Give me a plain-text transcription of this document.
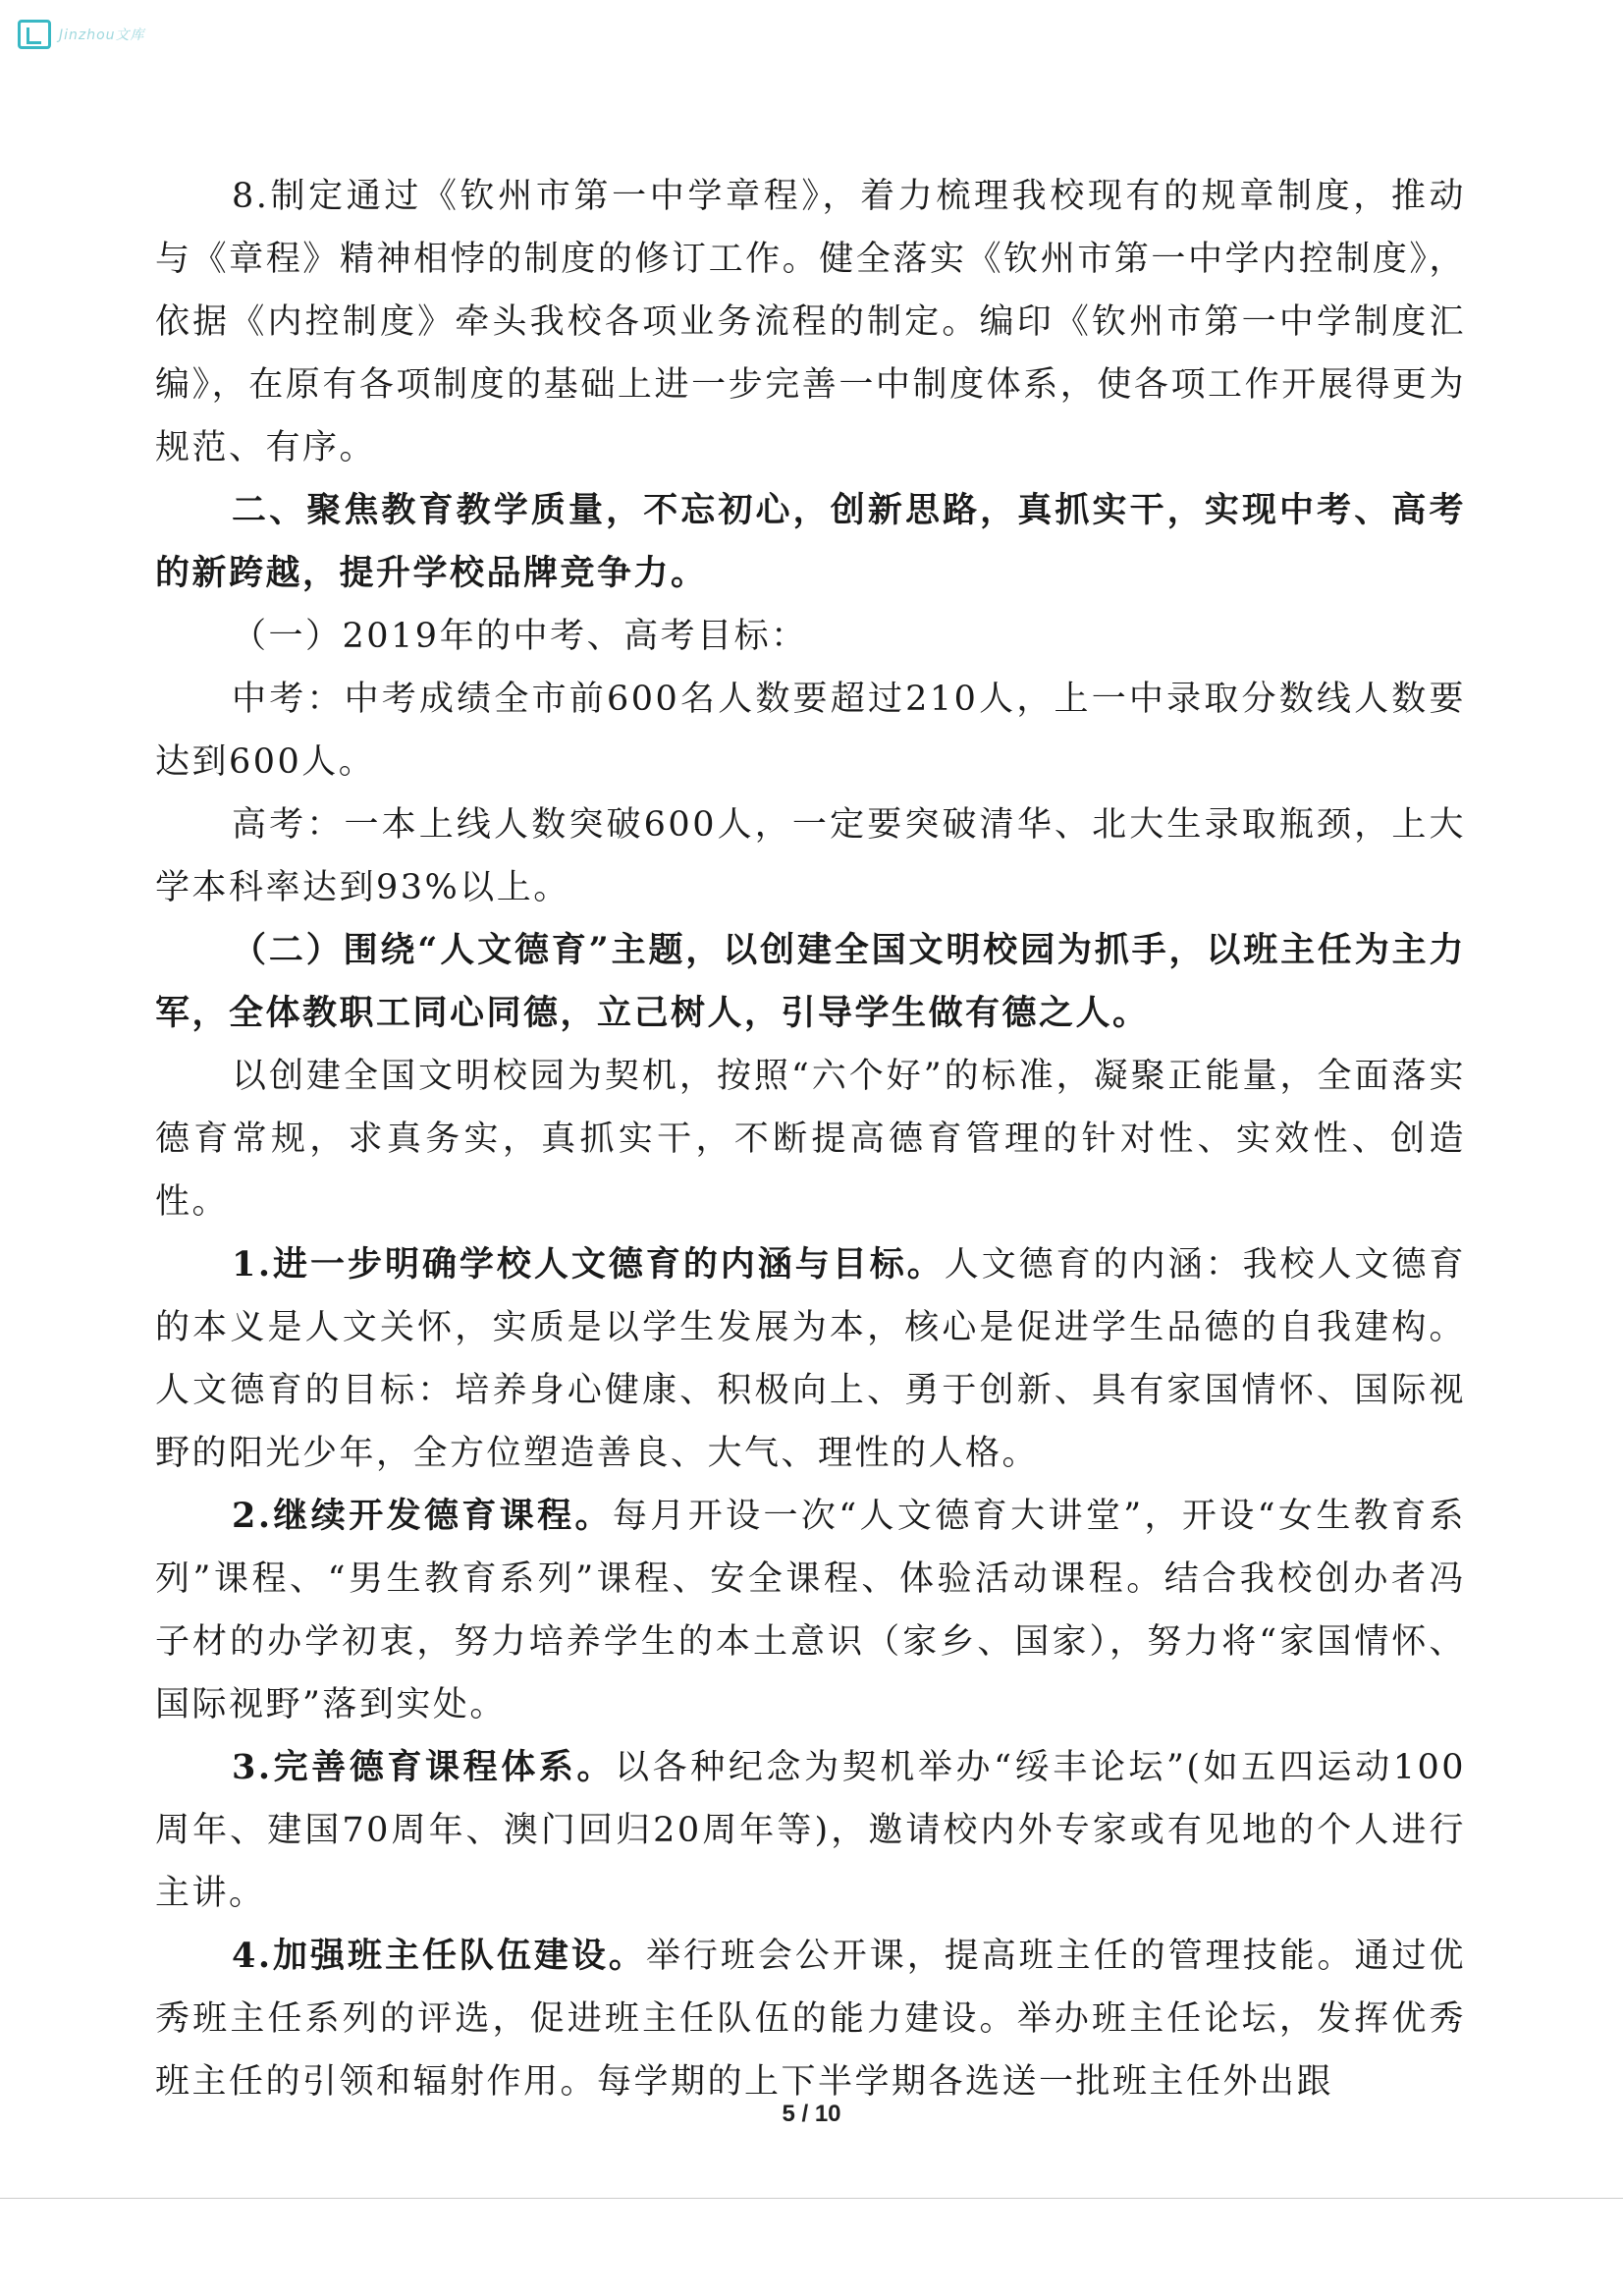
Jinzhou文库

8.制定通过《钦州市第一中学章程》，着力梳理我校现有的规章制度，推动与《章程》精神相悖的制度的修订工作。健全落实《钦州市第一中学内控制度》，依据《内控制度》牵头我校各项业务流程的制定。编印《钦州市第一中学制度汇编》，在原有各项制度的基础上进一步完善一中制度体系，使各项工作开展得更为规范、有序。

二、聚焦教育教学质量，不忘初心，创新思路，真抓实干，实现中考、高考的新跨越，提升学校品牌竞争力。

（一）2019年的中考、高考目标：

中考：中考成绩全市前600名人数要超过210人，上一中录取分数线人数要达到600人。

高考：一本上线人数突破600人，一定要突破清华、北大生录取瓶颈，上大学本科率达到93%以上。

（二）围绕“人文德育”主题，以创建全国文明校园为抓手，以班主任为主力军，全体教职工同心同德，立己树人，引导学生做有德之人。

以创建全国文明校园为契机，按照“六个好”的标准，凝聚正能量，全面落实德育常规，求真务实，真抓实干，不断提高德育管理的针对性、实效性、创造性。

1.进一步明确学校人文德育的内涵与目标。人文德育的内涵：我校人文德育的本义是人文关怀，实质是以学生发展为本，核心是促进学生品德的自我建构。人文德育的目标：培养身心健康、积极向上、勇于创新、具有家国情怀、国际视野的阳光少年，全方位塑造善良、大气、理性的人格。

2.继续开发德育课程。每月开设一次“人文德育大讲堂”，开设“女生教育系列”课程、“男生教育系列”课程、安全课程、体验活动课程。结合我校创办者冯子材的办学初衷，努力培养学生的本土意识（家乡、国家），努力将“家国情怀、国际视野”落到实处。

3.完善德育课程体系。以各种纪念为契机举办“绥丰论坛”(如五四运动100周年、建国70周年、澳门回归20周年等)，邀请校内外专家或有见地的个人进行主讲。

4.加强班主任队伍建设。举行班会公开课，提高班主任的管理技能。通过优秀班主任系列的评选，促进班主任队伍的能力建设。举办班主任论坛，发挥优秀班主任的引领和辐射作用。每学期的上下半学期各选送一批班主任外出跟

5 / 10
